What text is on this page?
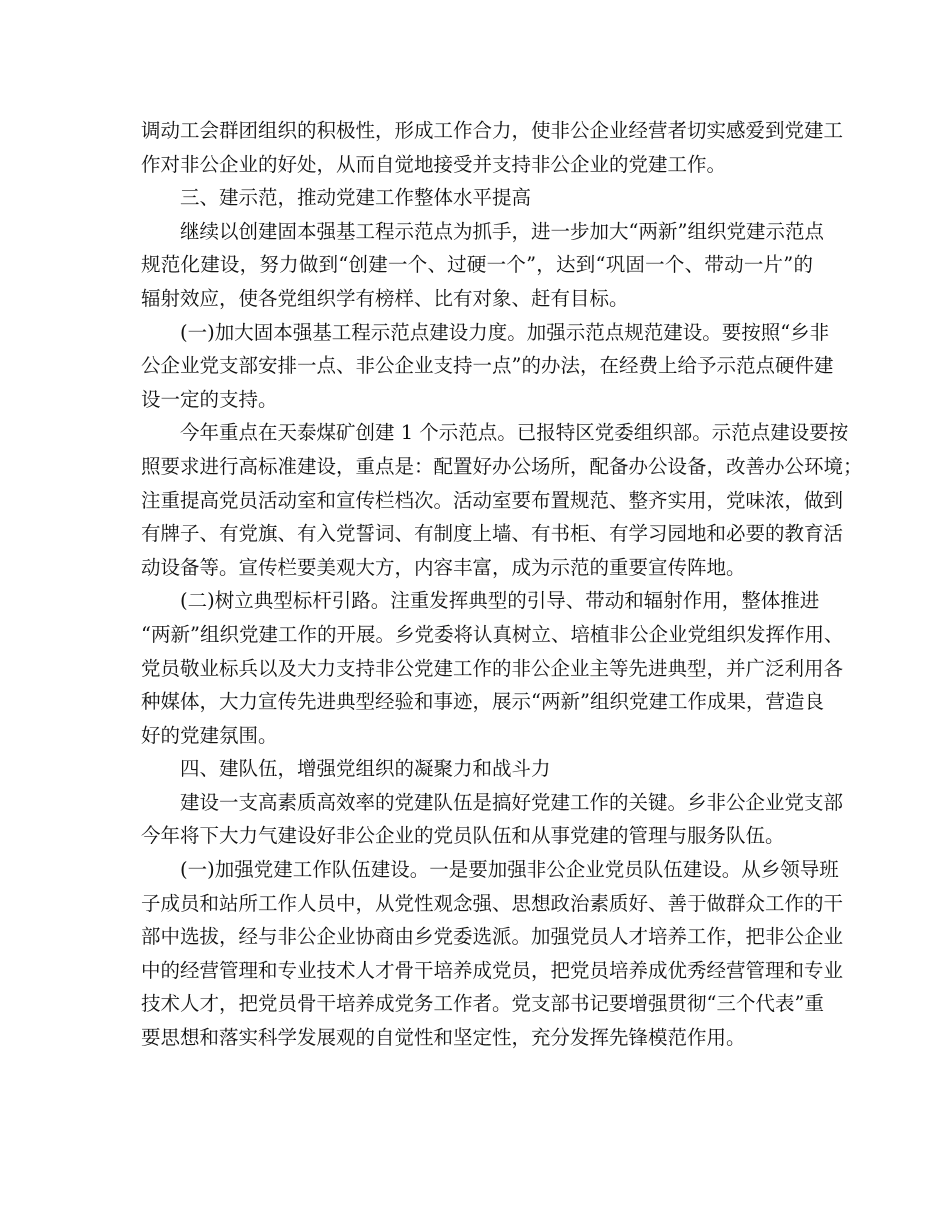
调动工会群团组织的积极性，形成工作合力，使非公企业经营者切实感爱到党建工
作对非公企业的好处，从而自觉地接受并支持非公企业的党建工作。
三、建示范，推动党建工作整体水平提高
继续以创建固本强基工程示范点为抓手，进一步加大“两新”组织党建示范点
规范化建设，努力做到“创建一个、过硬一个”，达到“巩固一个、带动一片”的
辐射效应，使各党组织学有榜样、比有对象、赶有目标。
(一)加大固本强基工程示范点建设力度。加强示范点规范建设。要按照“乡非
公企业党支部安排一点、非公企业支持一点”的办法，在经费上给予示范点硬件建
设一定的支持。
今年重点在天泰煤矿创建 1 个示范点。已报特区党委组织部。示范点建设要按
照要求进行高标准建设，重点是：配置好办公场所，配备办公设备，改善办公环境；
注重提高党员活动室和宣传栏档次。活动室要布置规范、整齐实用，党味浓，做到
有牌子、有党旗、有入党誓词、有制度上墙、有书柜、有学习园地和必要的教育活
动设备等。宣传栏要美观大方，内容丰富，成为示范的重要宣传阵地。
(二)树立典型标杆引路。注重发挥典型的引导、带动和辐射作用，整体推进
“两新”组织党建工作的开展。乡党委将认真树立、培植非公企业党组织发挥作用、
党员敬业标兵以及大力支持非公党建工作的非公企业主等先进典型，并广泛利用各
种媒体，大力宣传先进典型经验和事迹，展示“两新”组织党建工作成果，营造良
好的党建氛围。
四、建队伍，增强党组织的凝聚力和战斗力
建设一支高素质高效率的党建队伍是搞好党建工作的关键。乡非公企业党支部
今年将下大力气建设好非公企业的党员队伍和从事党建的管理与服务队伍。
(一)加强党建工作队伍建设。一是要加强非公企业党员队伍建设。从乡领导班
子成员和站所工作人员中，从党性观念强、思想政治素质好、善于做群众工作的干
部中选拔，经与非公企业协商由乡党委选派。加强党员人才培养工作，把非公企业
中的经营管理和专业技术人才骨干培养成党员，把党员培养成优秀经营管理和专业
技术人才，把党员骨干培养成党务工作者。党支部书记要增强贯彻“三个代表”重
要思想和落实科学发展观的自觉性和坚定性，充分发挥先锋模范作用。
